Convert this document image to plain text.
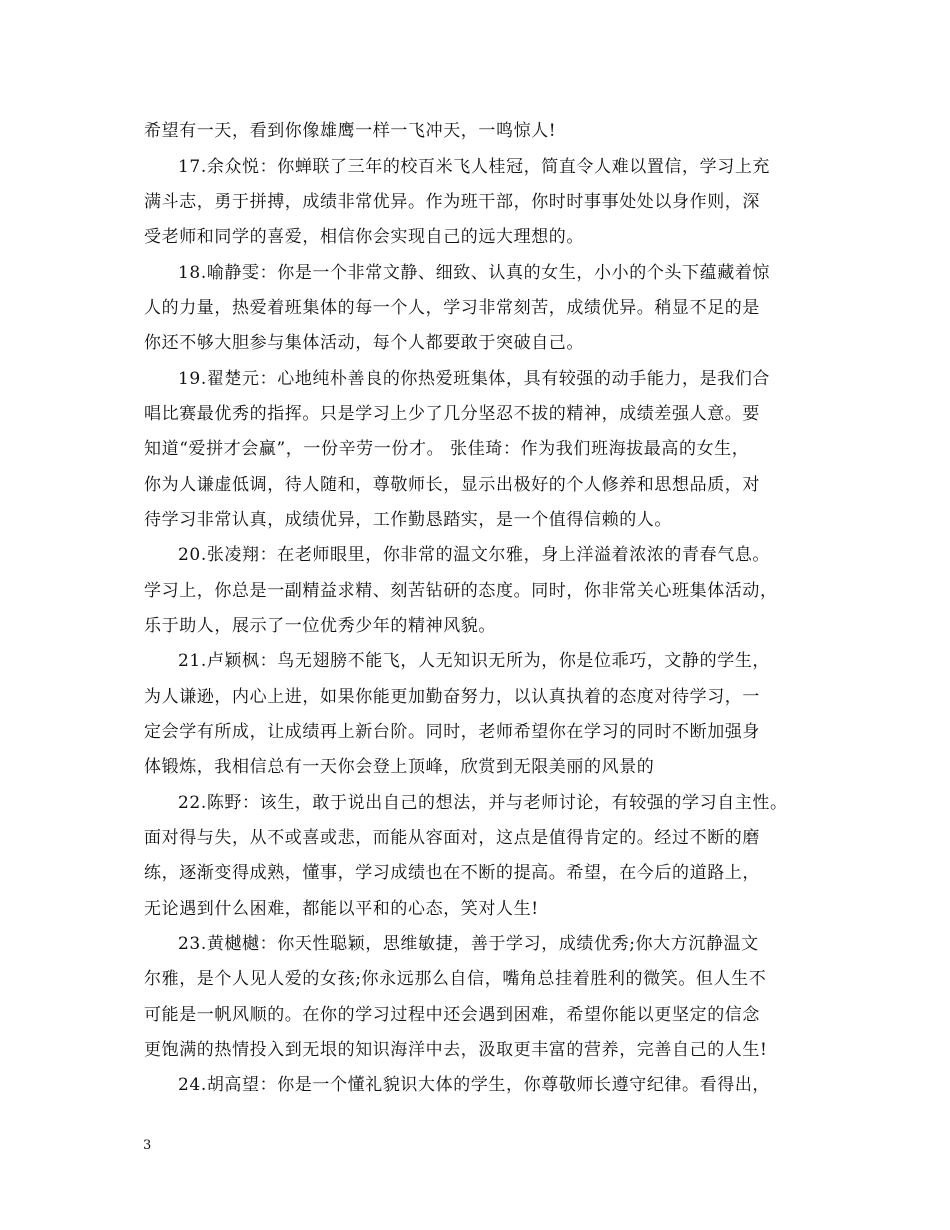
希望有一天，看到你像雄鹰一样一飞冲天，一鸣惊人!
17.余众悦：你蝉联了三年的校百米飞人桂冠，简直令人难以置信，学习上充
满斗志，勇于拼搏，成绩非常优异。作为班干部，你时时事事处处以身作则，深
受老师和同学的喜爱，相信你会实现自己的远大理想的。
18.喻静雯：你是一个非常文静、细致、认真的女生，小小的个头下蕴藏着惊
人的力量，热爱着班集体的每一个人，学习非常刻苦，成绩优异。稍显不足的是
你还不够大胆参与集体活动，每个人都要敢于突破自己。
19.翟楚元：心地纯朴善良的你热爱班集体，具有较强的动手能力，是我们合
唱比赛最优秀的指挥。只是学习上少了几分坚忍不拔的精神，成绩差强人意。要
知道“爱拼才会赢”，一份辛劳一份才。 张佳琦：作为我们班海拔最高的女生，
你为人谦虚低调，待人随和，尊敬师长，显示出极好的个人修养和思想品质，对
待学习非常认真，成绩优异，工作勤恳踏实，是一个值得信赖的人。
20.张凌翔：在老师眼里，你非常的温文尔雅，身上洋溢着浓浓的青春气息。
学习上，你总是一副精益求精、刻苦钻研的态度。同时，你非常关心班集体活动，
乐于助人，展示了一位优秀少年的精神风貌。
21.卢颖枫：鸟无翅膀不能飞，人无知识无所为，你是位乖巧，文静的学生，
为人谦逊，内心上进，如果你能更加勤奋努力，以认真执着的态度对待学习，一
定会学有所成，让成绩再上新台阶。同时，老师希望你在学习的同时不断加强身
体锻炼，我相信总有一天你会登上顶峰，欣赏到无限美丽的风景的
22.陈野：该生，敢于说出自己的想法，并与老师讨论，有较强的学习自主性。
面对得与失，从不或喜或悲，而能从容面对，这点是值得肯定的。经过不断的磨
练，逐渐变得成熟，懂事，学习成绩也在不断的提高。希望，在今后的道路上，
无论遇到什么困难，都能以平和的心态，笑对人生!
23.黄樾樾：你天性聪颖，思维敏捷，善于学习，成绩优秀;你大方沉静温文
尔雅，是个人见人爱的女孩;你永远那么自信，嘴角总挂着胜利的微笑。但人生不
可能是一帆风顺的。在你的学习过程中还会遇到困难，希望你能以更坚定的信念
更饱满的热情投入到无垠的知识海洋中去，汲取更丰富的营养，完善自己的人生!
24.胡高望：你是一个懂礼貌识大体的学生，你尊敬师长遵守纪律。看得出，
3
